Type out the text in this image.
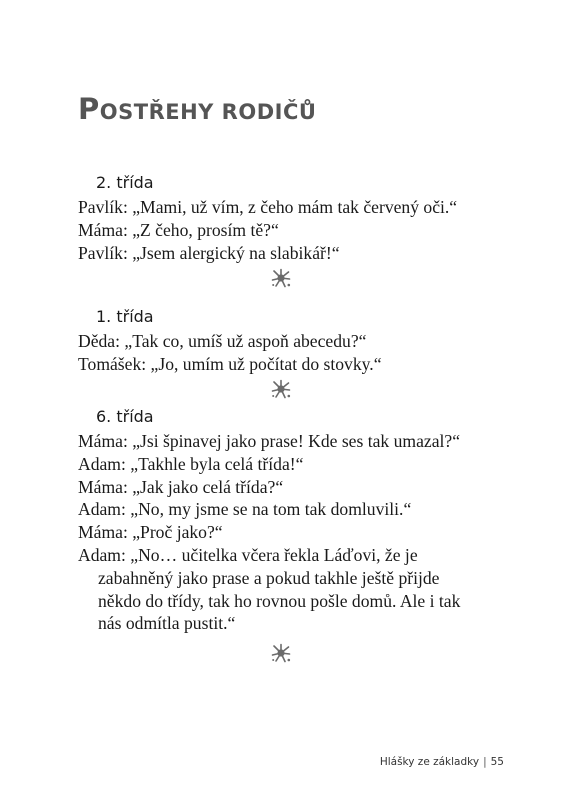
POSTŘEHY RODIČŮ
2. třída
Pavlík: „Mami, už vím, z čeho mám tak červený oči.“
Máma: „Z čeho, prosím tě?“
Pavlík: „Jsem alergický na slabikář!“
1. třída
Děda: „Tak co, umíš už aspoň abecedu?“
Tomášek: „Jo, umím už počítat do stovky.“
6. třída
Máma: „Jsi špinavej jako prase! Kde ses tak umazal?“
Adam: „Takhle byla celá třída!“
Máma: „Jak jako celá třída?“
Adam: „No, my jsme se na tom tak domluvili.“
Máma: „Proč jako?“
Adam: „No… učitelka včera řekla Láďovi, že je
zabahněný jako prase a pokud takhle ještě přijde
někdo do třídy, tak ho rovnou pošle domů. Ale i tak
nás odmítla pustit.“
Hlášky ze základky | 55
